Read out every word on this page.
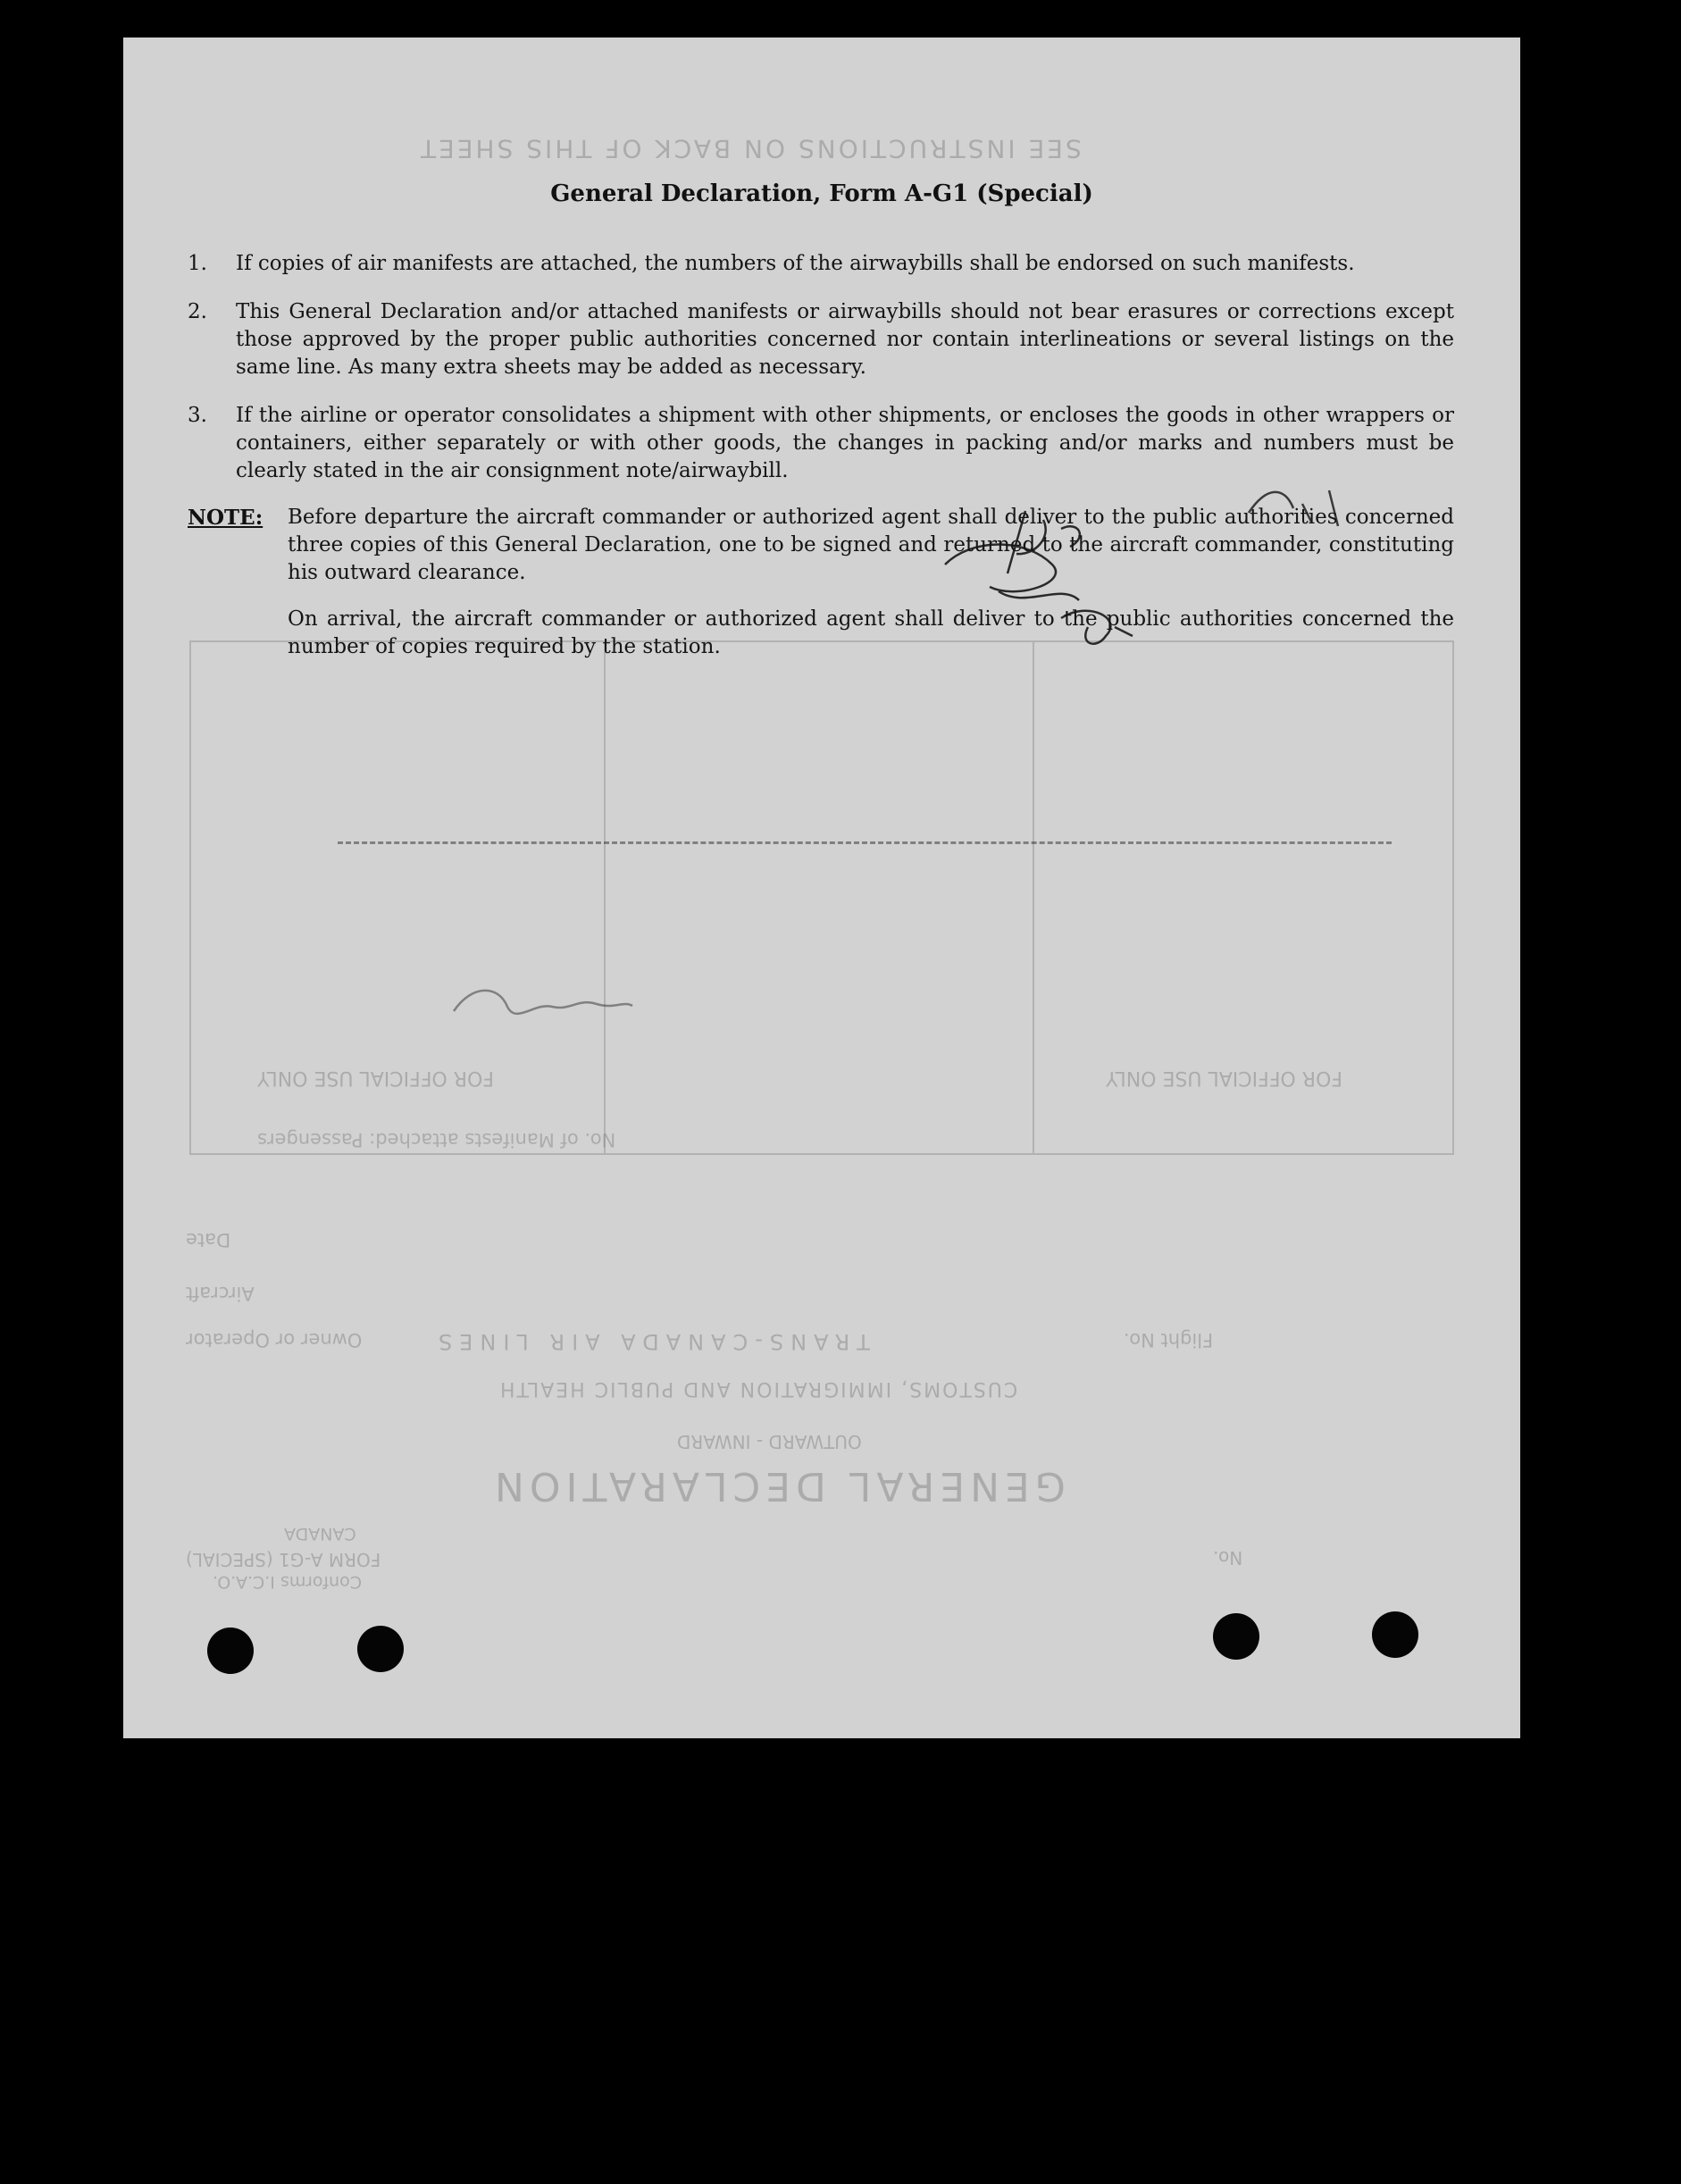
SEE INSTRUCTIONS ON BACK OF THIS SHEET
FOR OFFICIAL USE ONLY	FOR OFFICIAL USE ONLY
No. of Manifests attached: Passengers
Date
Aircraft
Owner or Operator	TRANS-CANADA AIR LINES	Flight No.
CUSTOMS, IMMIGRATION AND PUBLIC HEALTH
OUTWARD - INWARD
GENERAL DECLARATION
CANADA
FORM A-G1 (SPECIAL)
Conforms I.C.A.O.
No.
General Declaration, Form A-G1 (Special)
1. If copies of air manifests are attached, the numbers of the airwaybills shall be endorsed on such manifests.
2. This General Declaration and/or attached manifests or airwaybills should not bear erasures or corrections except those approved by the proper public authorities concerned nor contain interlineations or several listings on the same line. As many extra sheets may be added as necessary.
3. If the airline or operator consolidates a shipment with other shipments, or encloses the goods in other wrappers or containers, either separately or with other goods, the changes in packing and/or marks and numbers must be clearly stated in the air consignment note/airwaybill.
NOTE: Before departure the aircraft commander or authorized agent shall deliver to the public authorities concerned three copies of this General Declaration, one to be signed and returned to the aircraft commander, constituting his outward clearance.
On arrival, the aircraft commander or authorized agent shall deliver to the public authorities concerned the number of copies required by the station.
